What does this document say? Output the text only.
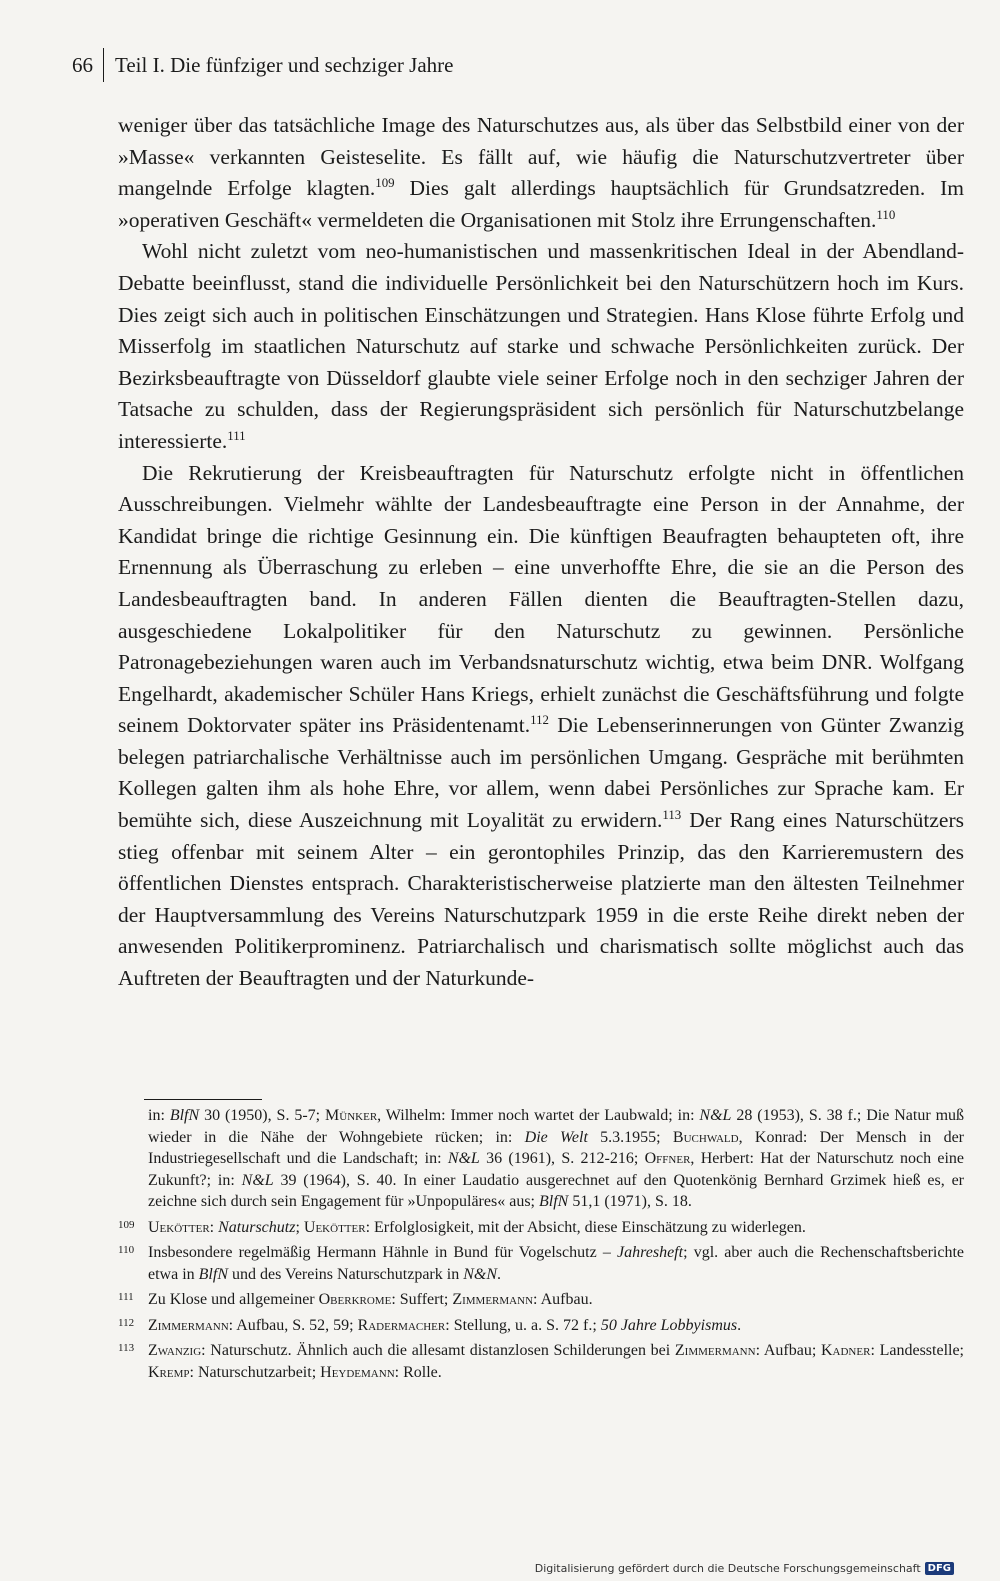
66 Teil I. Die fünfziger und sechziger Jahre

weniger über das tatsächliche Image des Naturschutzes aus, als über das Selbstbild einer von der »Masse« verkannten Geisteselite. Es fällt auf, wie häufig die Naturschutzvertreter über mangelnde Erfolge klagten.$^{109}$ Dies galt allerdings hauptsächlich für Grundsatzreden. Im »operativen Geschäft« vermeldeten die Organisationen mit Stolz ihre Errungenschaften.$^{110}$

Wohl nicht zuletzt vom neo-humanistischen und massenkritischen Ideal in der Abendland-Debatte beeinflusst, stand die individuelle Persönlichkeit bei den Naturschützern hoch im Kurs. Dies zeigt sich auch in politischen Einschätzungen und Strategien. Hans Klose führte Erfolg und Misserfolg im staatlichen Naturschutz auf starke und schwache Persönlichkeiten zurück. Der Bezirksbeauftragte von Düsseldorf glaubte viele seiner Erfolge noch in den sechziger Jahren der Tatsache zu schulden, dass der Regierungspräsident sich persönlich für Naturschutzbelange interessierte.$^{111}$

Die Rekrutierung der Kreisbeauftragten für Naturschutz erfolgte nicht in öffentlichen Ausschreibungen. Vielmehr wählte der Landesbeauftragte eine Person in der Annahme, der Kandidat bringe die richtige Gesinnung ein. Die künftigen Beaufragten behaupteten oft, ihre Ernennung als Überraschung zu erleben – eine unverhoffte Ehre, die sie an die Person des Landesbeauftragten band. In anderen Fällen dienten die Beauftragten-Stellen dazu, ausgeschiedene Lokalpolitiker für den Naturschutz zu gewinnen. Persönliche Patronagebeziehungen waren auch im Verbandsnaturschutz wichtig, etwa beim DNR. Wolfgang Engelhardt, akademischer Schüler Hans Kriegs, erhielt zunächst die Geschäftsführung und folgte seinem Doktorvater später ins Präsidentenamt.$^{112}$ Die Lebenserinnerungen von Günter Zwanzig belegen patriarchalische Verhältnisse auch im persönlichen Umgang. Gespräche mit berühmten Kollegen galten ihm als hohe Ehre, vor allem, wenn dabei Persönliches zur Sprache kam. Er bemühte sich, diese Auszeichnung mit Loyalität zu erwidern.$^{113}$ Der Rang eines Naturschützers stieg offenbar mit seinem Alter – ein gerontophiles Prinzip, das den Karrieremustern des öffentlichen Dienstes entsprach. Charakteristischerweise platzierte man den ältesten Teilnehmer der Hauptversammlung des Vereins Naturschutzpark 1959 in die erste Reihe direkt neben der anwesenden Politikerprominenz. Patriarchalisch und charismatisch sollte möglichst auch das Auftreten der Beauftragten und der Naturkunde-

in: BlfN 30 (1950), S. 5-7; Münker, Wilhelm: Immer noch wartet der Laubwald; in: N&L 28 (1953), S. 38 f.; Die Natur muß wieder in die Nähe der Wohngebiete rücken; in: Die Welt 5.3.1955; Buchwald, Konrad: Der Mensch in der Industriegesellschaft und die Landschaft; in: N&L 36 (1961), S. 212-216; Offner, Herbert: Hat der Naturschutz noch eine Zukunft?; in: N&L 39 (1964), S. 40. In einer Laudatio ausgerechnet auf den Quotenkönig Bernhard Grzimek hieß es, er zeichne sich durch sein Engagement für »Unpopuläres« aus; BlfN 51,1 (1971), S. 18.
109 Uekötter: Naturschutz; Uekötter: Erfolglosigkeit, mit der Absicht, diese Einschätzung zu widerlegen.
110 Insbesondere regelmäßig Hermann Hähnle in Bund für Vogelschutz – Jahresheft; vgl. aber auch die Rechenschaftsberichte etwa in BlfN und des Vereins Naturschutzpark in N&N.
111 Zu Klose und allgemeiner Oberkrome: Suffert; Zimmermann: Aufbau.
112 Zimmermann: Aufbau, S. 52, 59; Radermacher: Stellung, u. a. S. 72 f.; 50 Jahre Lobbyismus.
113 Zwanzig: Naturschutz. Ähnlich auch die allesamt distanzlosen Schilderungen bei Zimmermann: Aufbau; Kadner: Landesstelle; Kremp: Naturschutzarbeit; Heydemann: Rolle.
Digitalisierung gefördert durch die Deutsche Forschungsgemeinschaft DFG
